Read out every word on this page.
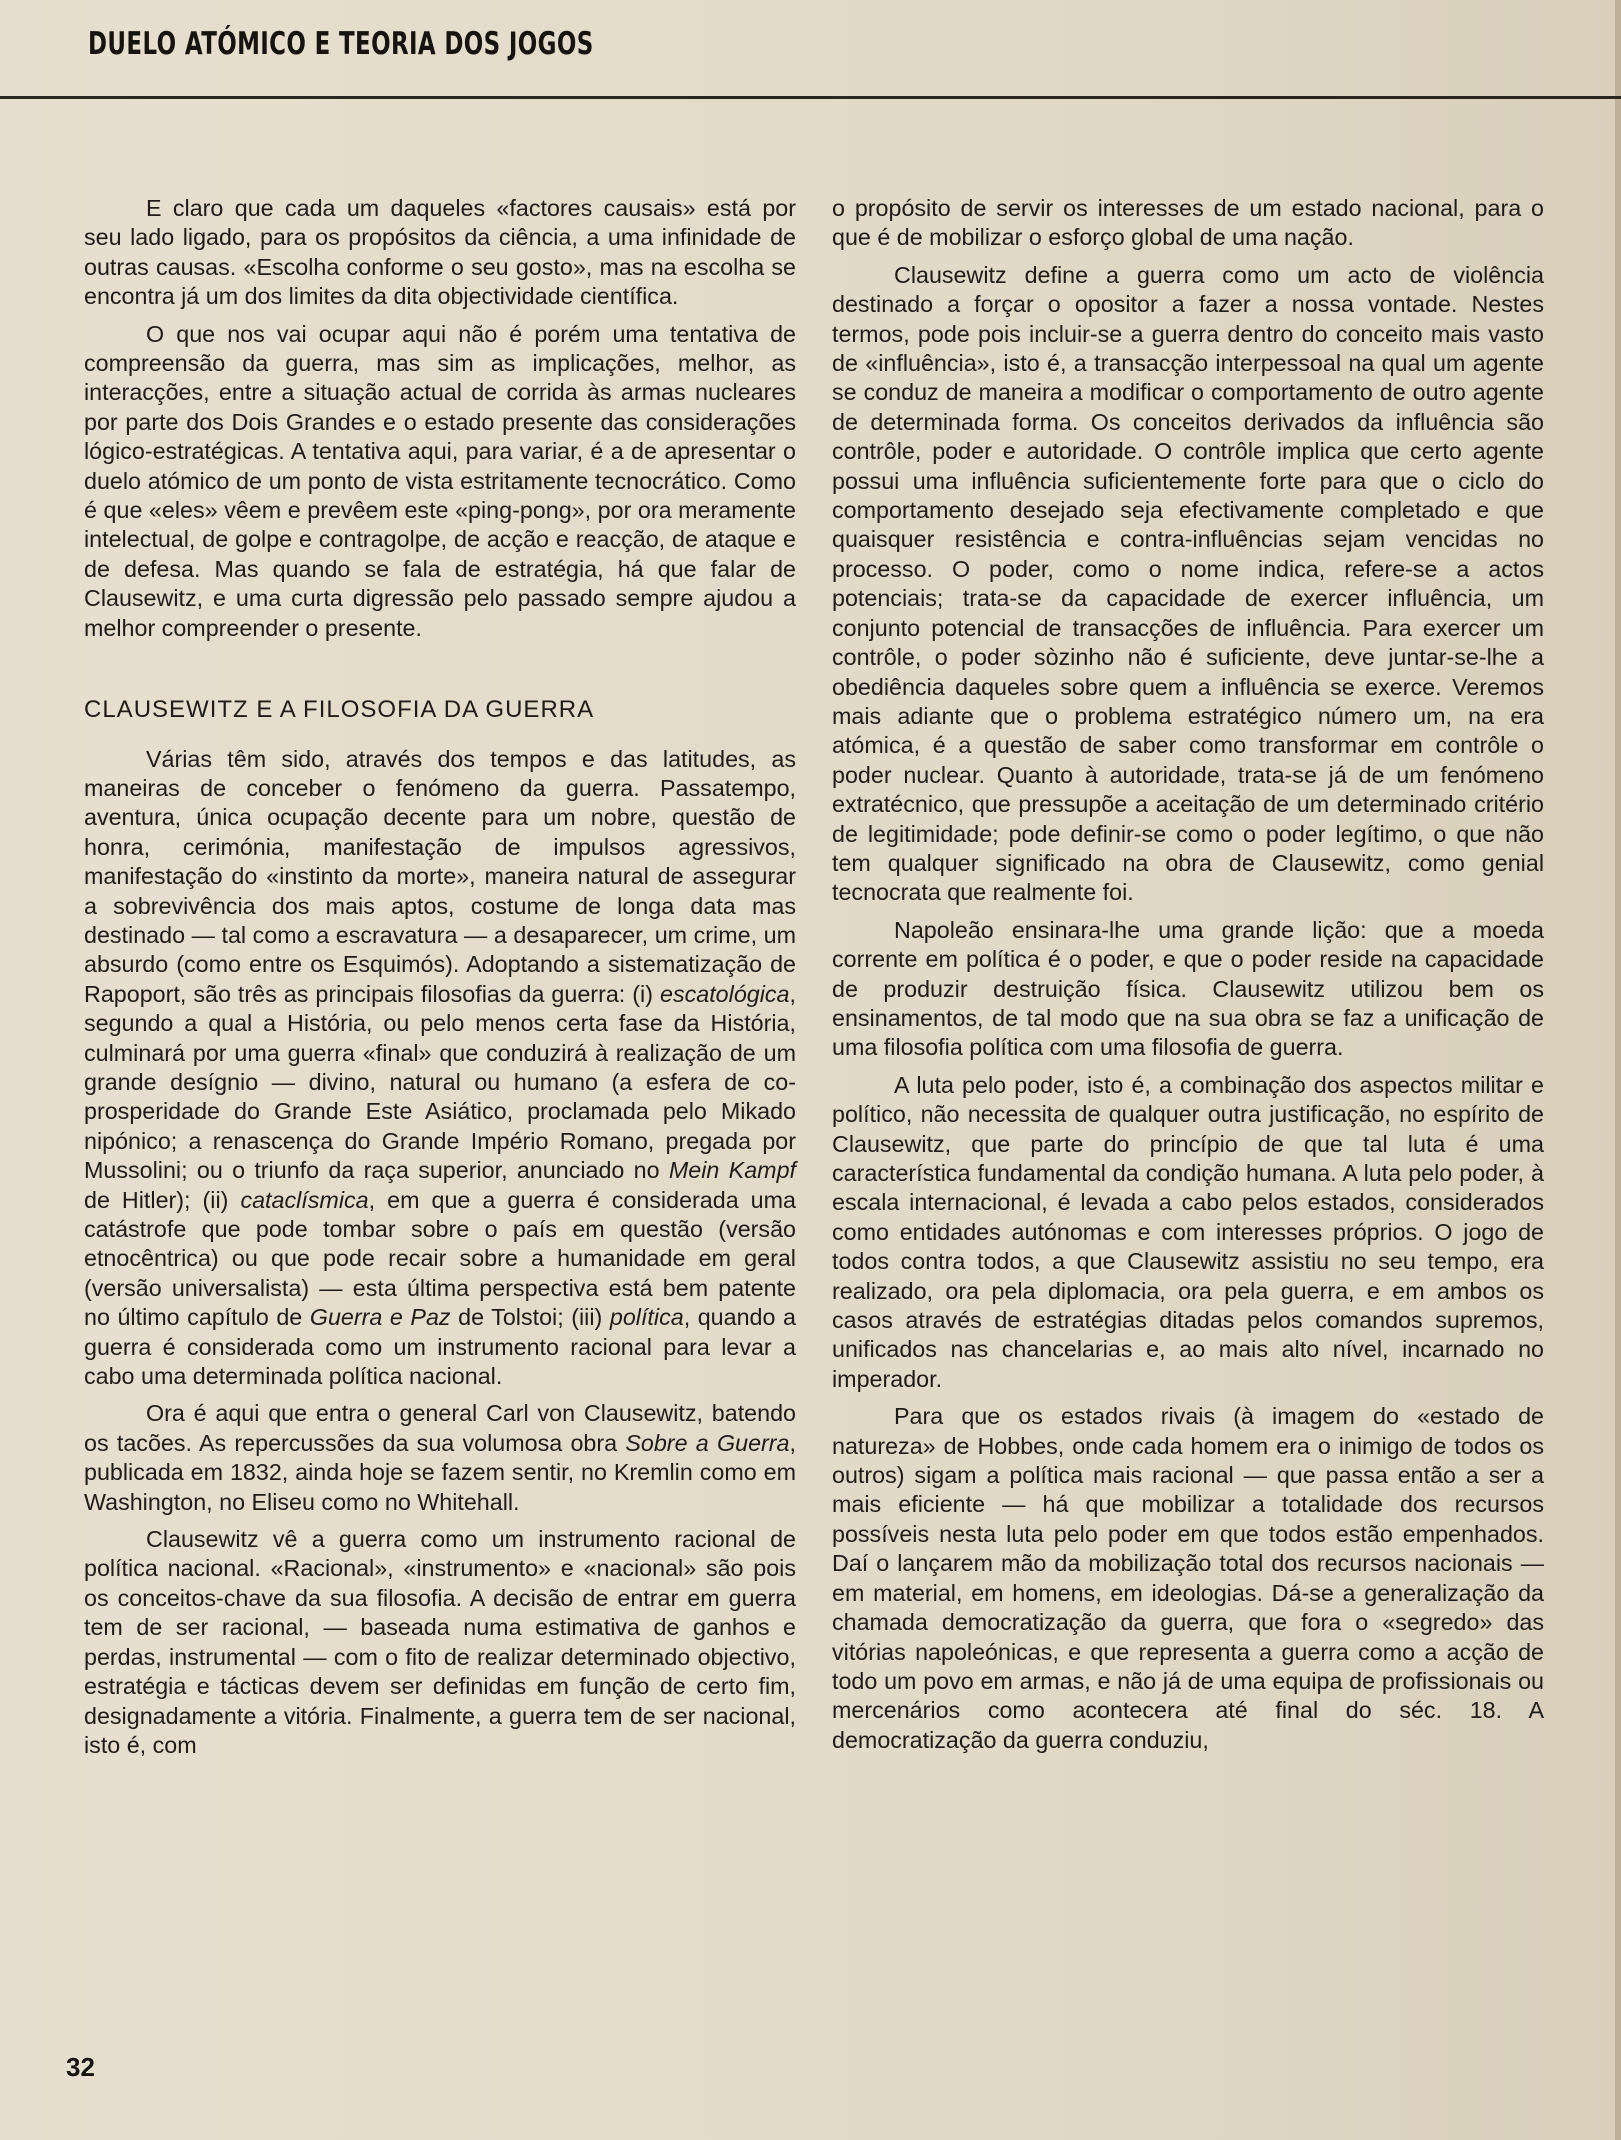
DUELO ATÓMICO E TEORIA DOS JOGOS

E claro que cada um daqueles «factores causais» está por seu lado ligado, para os propósitos da ciência, a uma infinidade de outras causas. «Escolha conforme o seu gosto», mas na escolha se encontra já um dos limites da dita objectividade científica.

O que nos vai ocupar aqui não é porém uma tentativa de compreensão da guerra, mas sim as implicações, melhor, as interacções, entre a situação actual de corrida às armas nucleares por parte dos Dois Grandes e o estado presente das considerações lógico-estratégicas. A tentativa aqui, para variar, é a de apresentar o duelo atómico de um ponto de vista estritamente tecnocrático. Como é que «eles» vêem e prevêem este «ping-pong», por ora meramente intelectual, de golpe e contragolpe, de acção e reacção, de ataque e de defesa. Mas quando se fala de estratégia, há que falar de Clausewitz, e uma curta digressão pelo passado sempre ajudou a melhor compreender o presente.

CLAUSEWITZ E A FILOSOFIA DA GUERRA

Várias têm sido, através dos tempos e das latitudes, as maneiras de conceber o fenómeno da guerra. Passatempo, aventura, única ocupação decente para um nobre, questão de honra, cerimónia, manifestação de impulsos agressivos, manifestação do «instinto da morte», maneira natural de assegurar a sobrevivência dos mais aptos, costume de longa data mas destinado — tal como a escravatura — a desaparecer, um crime, um absurdo (como entre os Esquimós). Adoptando a sistematização de Rapoport, são três as principais filosofias da guerra: (i) escatológica, segundo a qual a História, ou pelo menos certa fase da História, culminará por uma guerra «final» que conduzirá à realização de um grande desígnio — divino, natural ou humano (a esfera de co-prosperidade do Grande Este Asiático, proclamada pelo Mikado nipónico; a renascença do Grande Império Romano, pregada por Mussolini; ou o triunfo da raça superior, anunciado no Mein Kampf de Hitler); (ii) cataclísmica, em que a guerra é considerada uma catástrofe que pode tombar sobre o país em questão (versão etnocêntrica) ou que pode recair sobre a humanidade em geral (versão universalista) — esta última perspectiva está bem patente no último capítulo de Guerra e Paz de Tolstoi; (iii) política, quando a guerra é considerada como um instrumento racional para levar a cabo uma determinada política nacional.

Ora é aqui que entra o general Carl von Clausewitz, batendo os tacões. As repercussões da sua volumosa obra Sobre a Guerra, publicada em 1832, ainda hoje se fazem sentir, no Kremlin como em Washington, no Eliseu como no Whitehall.

Clausewitz vê a guerra como um instrumento racional de política nacional. «Racional», «instrumento» e «nacional» são pois os conceitos-chave da sua filosofia. A decisão de entrar em guerra tem de ser racional, — baseada numa estimativa de ganhos e perdas, instrumental — com o fito de realizar determinado objectivo, estratégia e tácticas devem ser definidas em função de certo fim, designadamente a vitória. Finalmente, a guerra tem de ser nacional, isto é, com

o propósito de servir os interesses de um estado nacional, para o que é de mobilizar o esforço global de uma nação.

Clausewitz define a guerra como um acto de violência destinado a forçar o opositor a fazer a nossa vontade. Nestes termos, pode pois incluir-se a guerra dentro do conceito mais vasto de «influência», isto é, a transacção interpessoal na qual um agente se conduz de maneira a modificar o comportamento de outro agente de determinada forma. Os conceitos derivados da influência são contrôle, poder e autoridade. O contrôle implica que certo agente possui uma influência suficientemente forte para que o ciclo do comportamento desejado seja efectivamente completado e que quaisquer resistência e contra-influências sejam vencidas no processo. O poder, como o nome indica, refere-se a actos potenciais; trata-se da capacidade de exercer influência, um conjunto potencial de transacções de influência. Para exercer um contrôle, o poder sòzinho não é suficiente, deve juntar-se-lhe a obediência daqueles sobre quem a influência se exerce. Veremos mais adiante que o problema estratégico número um, na era atómica, é a questão de saber como transformar em contrôle o poder nuclear. Quanto à autoridade, trata-se já de um fenómeno extratécnico, que pressupõe a aceitação de um determinado critério de legitimidade; pode definir-se como o poder legítimo, o que não tem qualquer significado na obra de Clausewitz, como genial tecnocrata que realmente foi.

Napoleão ensinara-lhe uma grande lição: que a moeda corrente em política é o poder, e que o poder reside na capacidade de produzir destruição física. Clausewitz utilizou bem os ensinamentos, de tal modo que na sua obra se faz a unificação de uma filosofia política com uma filosofia de guerra.

A luta pelo poder, isto é, a combinação dos aspectos militar e político, não necessita de qualquer outra justificação, no espírito de Clausewitz, que parte do princípio de que tal luta é uma característica fundamental da condição humana. A luta pelo poder, à escala internacional, é levada a cabo pelos estados, considerados como entidades autónomas e com interesses próprios. O jogo de todos contra todos, a que Clausewitz assistiu no seu tempo, era realizado, ora pela diplomacia, ora pela guerra, e em ambos os casos através de estratégias ditadas pelos comandos supremos, unificados nas chancelarias e, ao mais alto nível, incarnado no imperador.

Para que os estados rivais (à imagem do «estado de natureza» de Hobbes, onde cada homem era o inimigo de todos os outros) sigam a política mais racional — que passa então a ser a mais eficiente — há que mobilizar a totalidade dos recursos possíveis nesta luta pelo poder em que todos estão empenhados. Daí o lançarem mão da mobilização total dos recursos nacionais — em material, em homens, em ideologias. Dá-se a generalização da chamada democratização da guerra, que fora o «segredo» das vitórias napoleónicas, e que representa a guerra como a acção de todo um povo em armas, e não já de uma equipa de profissionais ou mercenários como acontecera até final do séc. 18. A democratização da guerra conduziu,

32
